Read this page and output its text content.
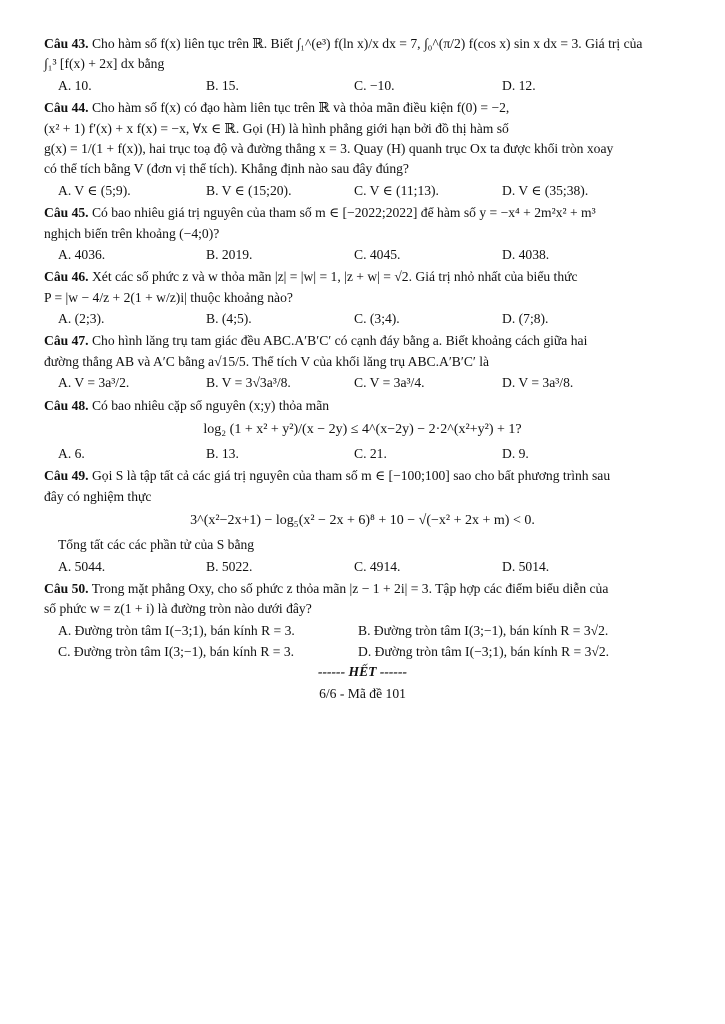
Câu 43. Cho hàm số f(x) liên tục trên ℝ. Biết ∫₁^(e³) f(ln x)/x dx = 7, ∫₀^(π/2) f(cos x) sin x dx = 3. Giá trị của
∫₁³ [f(x) + 2x] dx bằng

A. 10.	B. 15.	C. −10.	D. 12.

Câu 44. Cho hàm số f(x) có đạo hàm liên tục trên ℝ và thỏa mãn điều kiện f(0) = −2,
(x² + 1) f′(x) + x f(x) = −x, ∀x ∈ ℝ. Gọi (H) là hình phẳng giới hạn bởi đồ thị hàm số
g(x) = 1/(1 + f(x)), hai trục toạ độ và đường thẳng x = 3. Quay (H) quanh trục Ox ta được khối tròn xoay
có thể tích bằng V (đơn vị thể tích). Khẳng định nào sau đây đúng?

A. V ∈ (5;9).	B. V ∈ (15;20).	C. V ∈ (11;13).	D. V ∈ (35;38).

Câu 45. Có bao nhiêu giá trị nguyên của tham số m ∈ [−2022;2022] để hàm số y = −x⁴ + 2m²x² + m³
nghịch biến trên khoảng (−4;0)?

A. 4036.	B. 2019.	C. 4045.	D. 4038.

Câu 46. Xét các số phức z và w thỏa mãn |z| = |w| = 1, |z + w| = √2. Giá trị nhỏ nhất của biểu thức
P = |w − 4/z + 2(1 + w/z)i| thuộc khoảng nào?

A. (2;3).	B. (4;5).	C. (3;4).	D. (7;8).

Câu 47. Cho hình lăng trụ tam giác đều ABC.A′B′C′ có cạnh đáy bằng a. Biết khoảng cách giữa hai
đường thẳng AB và A′C bằng a√15/5. Thể tích V của khối lăng trụ ABC.A′B′C′ là

A. V = 3a³/2.	B. V = 3√3a³/8.	C. V = 3a³/4.	D. V = 3a³/8.

Câu 48. Có bao nhiêu cặp số nguyên (x;y) thỏa mãn

log₂ (1 + x² + y²)/(x − 2y) ≤ 4^(x−2y) − 2·2^(x²+y²) + 1?
A. 6.	B. 13.	C. 21.	D. 9.

Câu 49. Gọi S là tập tất cả các giá trị nguyên của tham số m ∈ [−100;100] sao cho bất phương trình sau
đây có nghiệm thực

3^(x²−2x+1) − log₅(x² − 2x + 6)⁸ + 10 − √(−x² + 2x + m) < 0.

Tổng tất các các phần tử của S bằng

A. 5044.	B. 5022.	C. 4914.	D. 5014.

Câu 50. Trong mặt phẳng Oxy, cho số phức z thỏa mãn |z − 1 + 2i| = 3. Tập hợp các điểm biểu diễn của
số phức w = z(1 + i) là đường tròn nào dưới đây?

A. Đường tròn tâm I(−3;1), bán kính R = 3.	B. Đường tròn tâm I(3;−1), bán kính R = 3√2.
C. Đường tròn tâm I(3;−1), bán kính R = 3.	D. Đường tròn tâm I(−3;1), bán kính R = 3√2.
------ HẾT ------
6/6 - Mã đề 101
